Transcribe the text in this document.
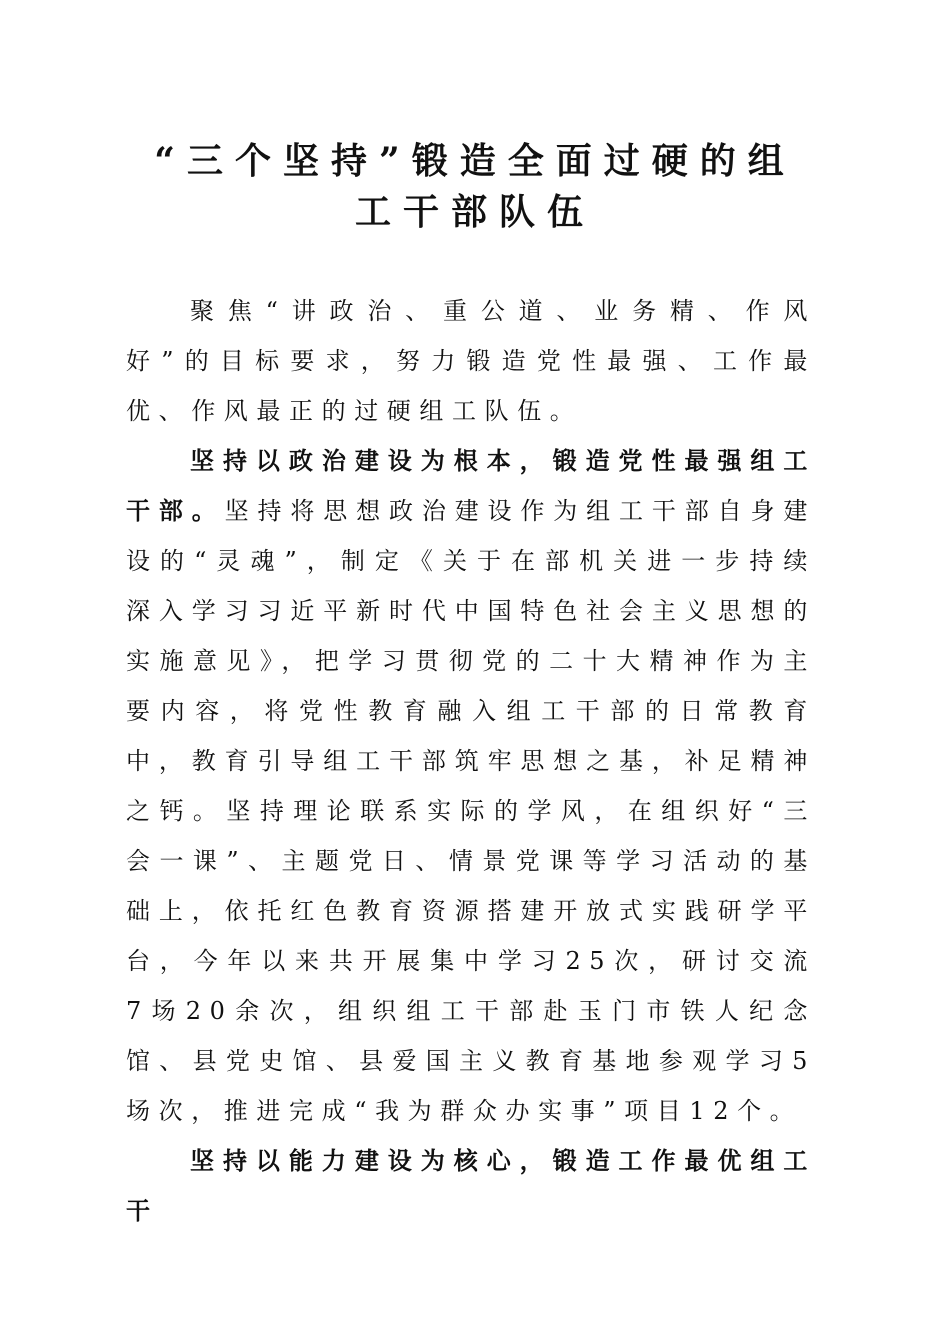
“三个坚持”锻造全面过硬的组
工干部队伍

聚焦“讲政治、重公道、业务精、作风好”的目标要求，努力锻造党性最强、工作最优、作风最正的过硬组工队伍。

坚持以政治建设为根本，锻造党性最强组工干部。坚持将思想政治建设作为组工干部自身建设的“灵魂”，制定《关于在部机关进一步持续深入学习习近平新时代中国特色社会主义思想的实施意见》，把学习贯彻党的二十大精神作为主要内容，将党性教育融入组工干部的日常教育中，教育引导组工干部筑牢思想之基，补足精神之钙。坚持理论联系实际的学风，在组织好“三会一课”、主题党日、情景党课等学习活动的基础上，依托红色教育资源搭建开放式实践研学平台，今年以来共开展集中学习25次，研讨交流7场20余次，组织组工干部赴玉门市铁人纪念馆、县党史馆、县爱国主义教育基地参观学习5场次，推进完成“我为群众办实事”项目12个。

坚持以能力建设为核心，锻造工作最优组工干
